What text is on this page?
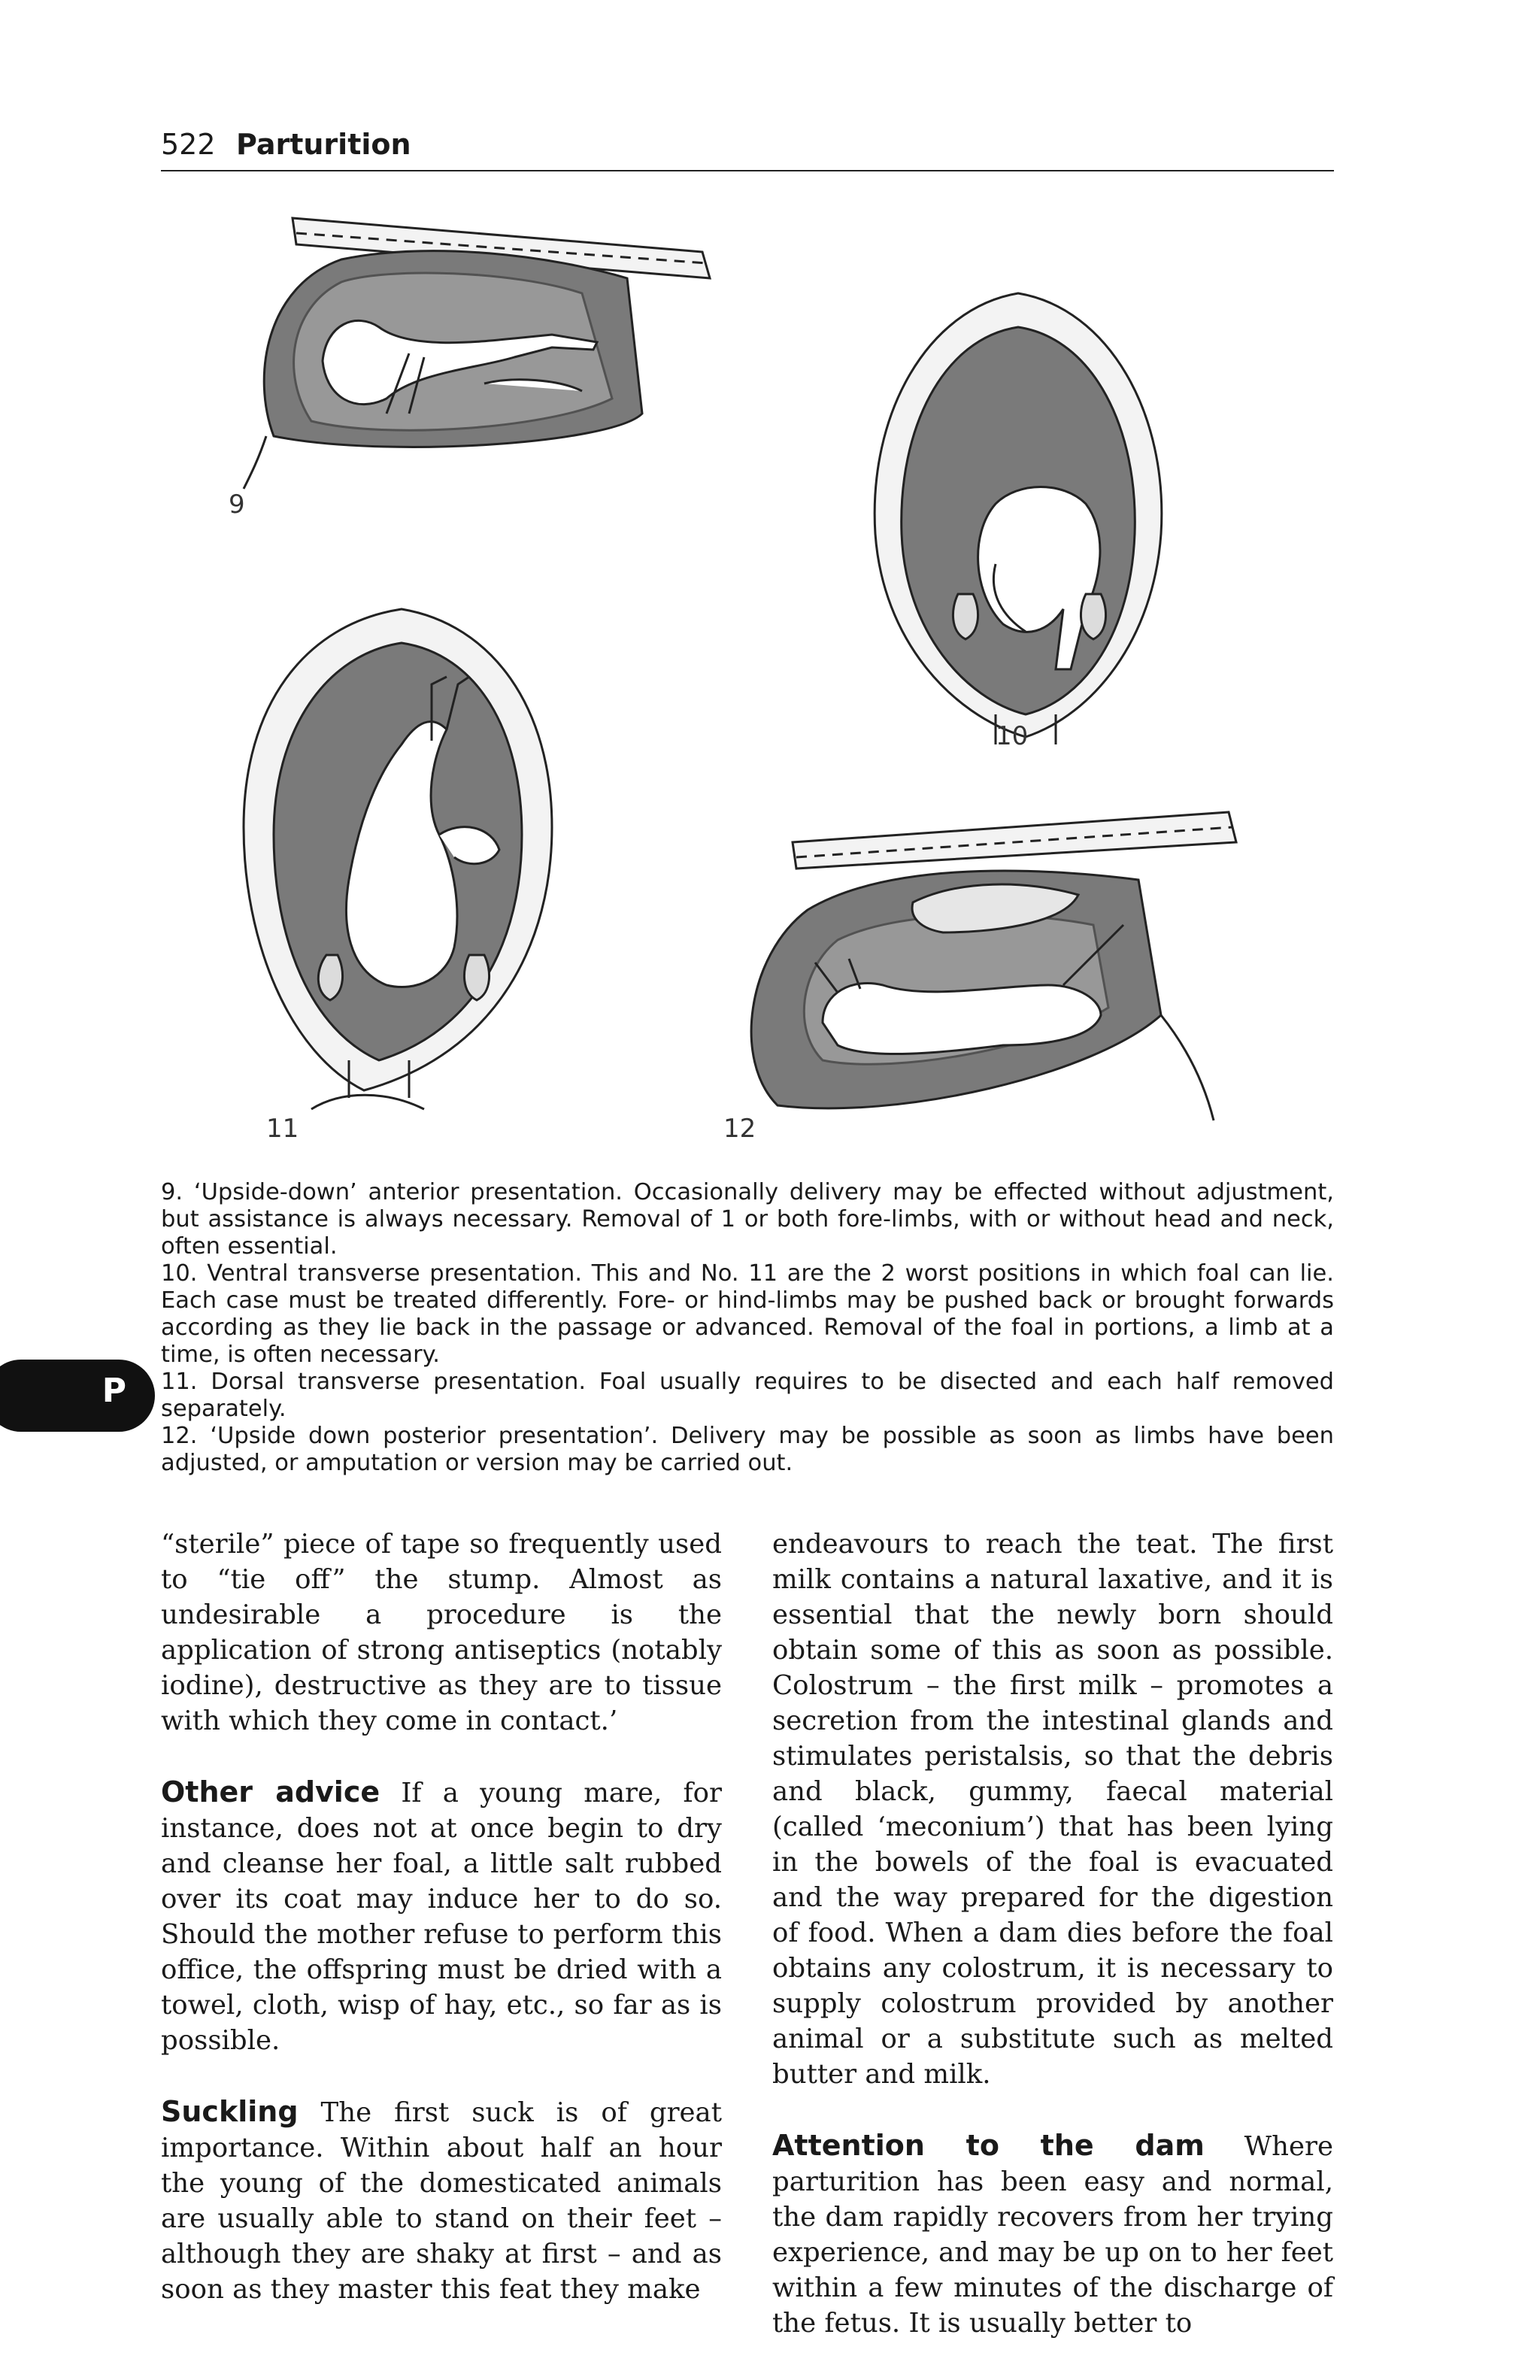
522 Parturition
9
10
11	12

9. ‘Upside-down’ anterior presentation. Occasionally delivery may be effected without adjustment, but assistance is always necessary. Removal of 1 or both fore-limbs, with or without head and neck, often essential.

10. Ventral transverse presentation. This and No. 11 are the 2 worst positions in which foal can lie. Each case must be treated differently. Fore- or hind-limbs may be pushed back or brought forwards according as they lie back in the passage or advanced. Removal of the foal in portions, a limb at a time, is often necessary.

11. Dorsal transverse presentation. Foal usually requires to be disected and each half removed separately.

12. ‘Upside down posterior presentation’. Delivery may be possible as soon as limbs have been adjusted, or amputation or version may be carried out.

P

“sterile” piece of tape so frequently used to “tie off” the stump. Almost as undesirable a procedure is the application of strong antiseptics (notably iodine), destructive as they are to tissue with which they come in contact.’

Other advice If a young mare, for instance, does not at once begin to dry and cleanse her foal, a little salt rubbed over its coat may induce her to do so. Should the mother refuse to perform this office, the offspring must be dried with a towel, cloth, wisp of hay, etc., so far as is possible.

Suckling The first suck is of great importance. Within about half an hour the young of the domesticated animals are usually able to stand on their feet – although they are shaky at first – and as soon as they master this feat they make

endeavours to reach the teat. The first milk contains a natural laxative, and it is essential that the newly born should obtain some of this as soon as possible. Colostrum – the first milk – promotes a secretion from the intestinal glands and stimulates peristalsis, so that the debris and black, gummy, faecal material (called ‘meconium’) that has been lying in the bowels of the foal is evacuated and the way prepared for the digestion of food. When a dam dies before the foal obtains any colostrum, it is necessary to supply colostrum provided by another animal or a substitute such as melted butter and milk.

Attention to the dam Where parturition has been easy and normal, the dam rapidly recovers from her trying experience, and may be up on to her feet within a few minutes of the discharge of the fetus. It is usually better to
